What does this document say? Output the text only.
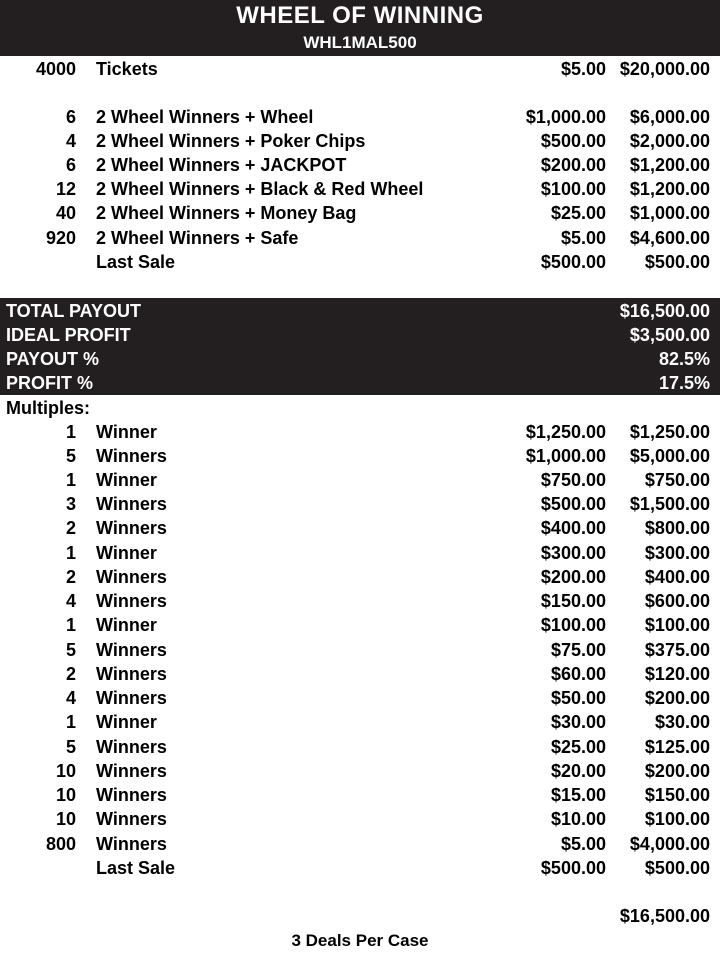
WHEEL OF WINNING
WHL1MAL500
4000 Tickets	$5.00 $20,000.00
6 2 Wheel Winners + Wheel	$1,000.00 $6,000.00
4 2 Wheel Winners + Poker Chips	$500.00 $2,000.00
6 2 Wheel Winners + JACKPOT	$200.00 $1,200.00
12 2 Wheel Winners + Black & Red Wheel	$100.00 $1,200.00
40 2 Wheel Winners + Money Bag	$25.00 $1,000.00
920 2 Wheel Winners + Safe	$5.00 $4,600.00
Last Sale	$500.00 $500.00
TOTAL PAYOUT	$16,500.00
IDEAL PROFIT	$3,500.00
PAYOUT %	82.5%
PROFIT %	17.5%
Multiples:
1 Winner	$1,250.00 $1,250.00
5 Winners	$1,000.00 $5,000.00
1 Winner	$750.00 $750.00
3 Winners	$500.00 $1,500.00
2 Winners	$400.00 $800.00
1 Winner	$300.00 $300.00
2 Winners	$200.00 $400.00
4 Winners	$150.00 $600.00
1 Winner	$100.00 $100.00
5 Winners	$75.00 $375.00
2 Winners	$60.00 $120.00
4 Winners	$50.00 $200.00
1 Winner	$30.00	$30.00
5 Winners	$25.00 $125.00
10 Winners	$20.00 $200.00
10 Winners	$15.00 $150.00
10 Winners	$10.00 $100.00
800 Winners	$5.00 $4,000.00
Last Sale	$500.00 $500.00
$16,500.00
3 Deals Per Case
